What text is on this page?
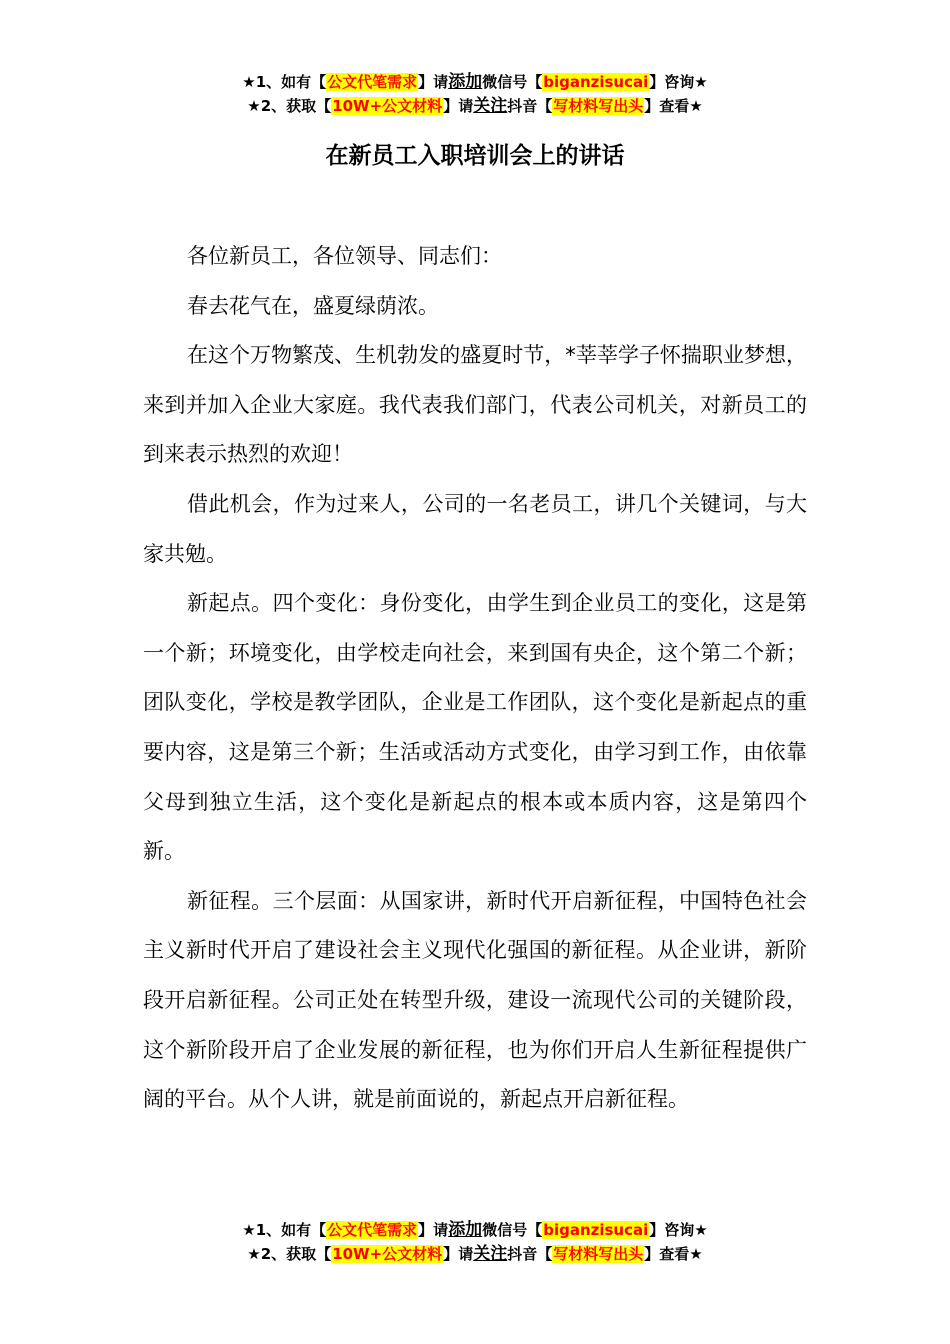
★1、如有【公文代笔需求】请添加微信号【biganzisucai】咨询★
★2、获取【10W+公文材料】请关注抖音【写材料写出头】查看★
在新员工入职培训会上的讲话

各位新员工，各位领导、同志们：

春去花气在，盛夏绿荫浓。

在这个万物繁茂、生机勃发的盛夏时节，*莘莘学子怀揣职业梦想，来到并加入企业大家庭。我代表我们部门，代表公司机关，对新员工的到来表示热烈的欢迎！

借此机会，作为过来人，公司的一名老员工，讲几个关键词，与大家共勉。

新起点。四个变化：身份变化，由学生到企业员工的变化，这是第一个新；环境变化，由学校走向社会，来到国有央企，这个第二个新；团队变化，学校是教学团队，企业是工作团队，这个变化是新起点的重要内容，这是第三个新；生活或活动方式变化，由学习到工作，由依靠父母到独立生活，这个变化是新起点的根本或本质内容，这是第四个新。

新征程。三个层面：从国家讲，新时代开启新征程，中国特色社会主义新时代开启了建设社会主义现代化强国的新征程。从企业讲，新阶段开启新征程。公司正处在转型升级，建设一流现代公司的关键阶段，这个新阶段开启了企业发展的新征程，也为你们开启人生新征程提供广阔的平台。从个人讲，就是前面说的，新起点开启新征程。

★1、如有【公文代笔需求】请添加微信号【biganzisucai】咨询★
★2、获取【10W+公文材料】请关注抖音【写材料写出头】查看★
